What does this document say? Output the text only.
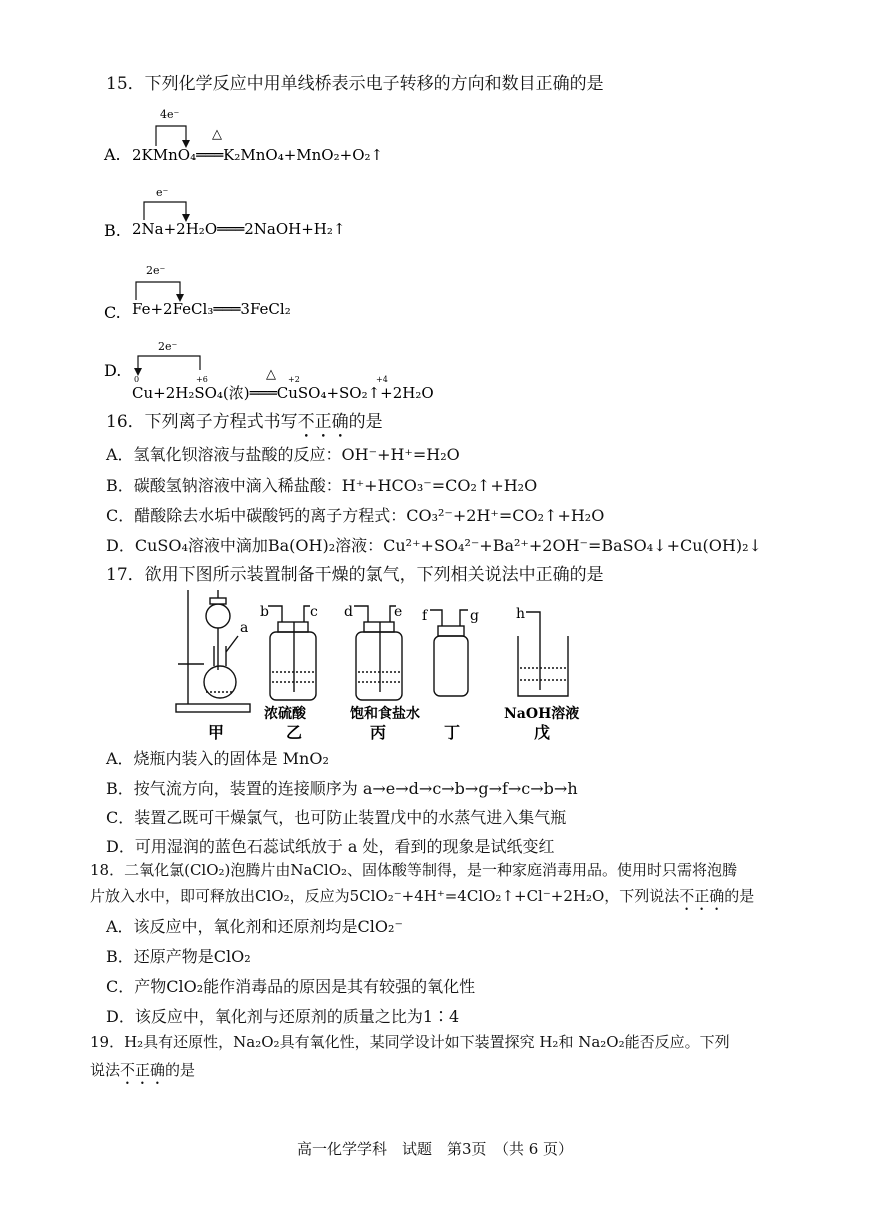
15．下列化学反应中用单线桥表示电子转移的方向和数目正确的是
A.
4e⁻
△
2KMnO₄═══K₂MnO₄+MnO₂+O₂↑
B.
e⁻
2Na+2H₂O═══2NaOH+H₂↑
C.
2e⁻
Fe+2FeCl₃═══3FeCl₂
D.
2e⁻
0	+6	△ +2	+4
Cu+2H₂SO₄(浓)═══CuSO₄+SO₂↑+2H₂O
16．下列离子方程式书写不正确的是
A．氢氧化钡溶液与盐酸的反应：OH⁻+H⁺=H₂O
B．碳酸氢钠溶液中滴入稀盐酸：H⁺+HCO₃⁻=CO₂↑+H₂O
C．醋酸除去水垢中碳酸钙的离子方程式：CO₃²⁻+2H⁺=CO₂↑+H₂O
D．CuSO₄溶液中滴加Ba(OH)₂溶液：Cu²⁺+SO₄²⁻+Ba²⁺+2OH⁻=BaSO₄↓+Cu(OH)₂↓
17．欲用下图所示装置制备干燥的氯气，下列相关说法中正确的是
a
甲
b	c
浓硫酸
乙
d	e
饱和食盐水
丙
f	g
丁
h
NaOH溶液
戊
A．烧瓶内装入的固体是 MnO₂
B．按气流方向，装置的连接顺序为 a→e→d→c→b→g→f→c→b→h
C．装置乙既可干燥氯气，也可防止装置戊中的水蒸气进入集气瓶
D．可用湿润的蓝色石蕊试纸放于 a 处，看到的现象是试纸变红
18．二氧化氯(ClO₂)泡腾片由NaClO₂、固体酸等制得，是一种家庭消毒用品。使用时只需将泡腾
片放入水中，即可释放出ClO₂，反应为5ClO₂⁻+4H⁺=4ClO₂↑+Cl⁻+2H₂O，下列说法不正确的是
A．该反应中，氧化剂和还原剂均是ClO₂⁻
B．还原产物是ClO₂
C．产物ClO₂能作消毒品的原因是其有较强的氧化性
D．该反应中，氧化剂与还原剂的质量之比为1∶4
19．H₂具有还原性，Na₂O₂具有氧化性，某同学设计如下装置探究 H₂和 Na₂O₂能否反应。下列
说法不正确的是
高一化学学科　试题　第3页　（共 6 页）
